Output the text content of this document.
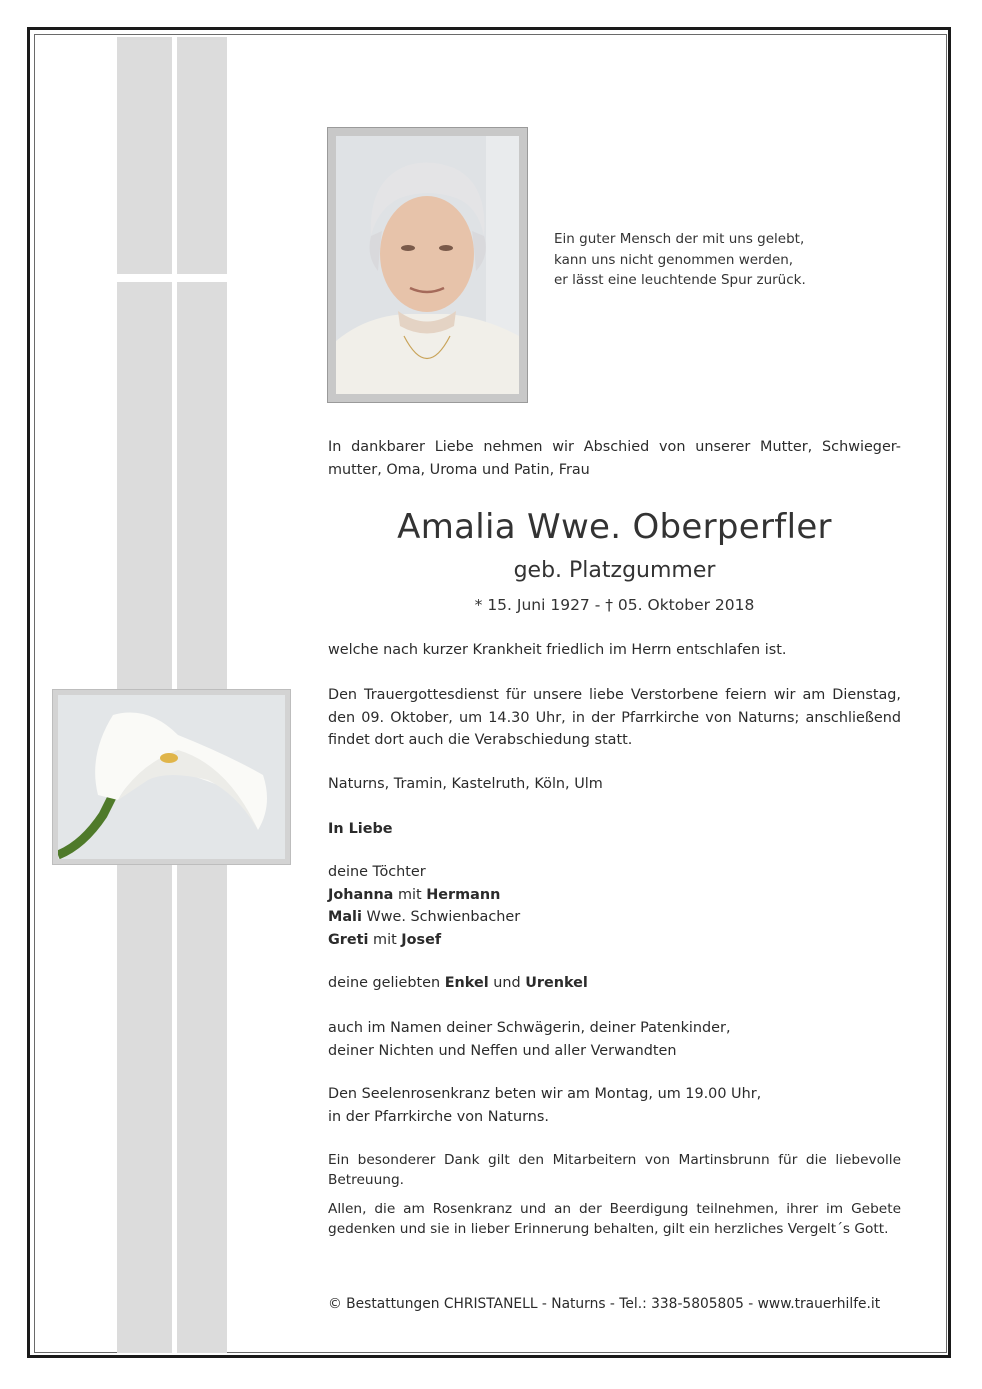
Ein guter Mensch der mit uns gelebt,
kann uns nicht genommen werden,
er lässt eine leuchtende Spur zurück.
In dankbarer Liebe nehmen wir Abschied von unserer Mutter, Schwieger-
mutter, Oma, Uroma und Patin, Frau
Amalia Wwe. Oberperfler
geb. Platzgummer
* 15. Juni 1927 - † 05. Oktober 2018
welche nach kurzer Krankheit friedlich im Herrn entschlafen ist.
Den Trauergottesdienst für unsere liebe Verstorbene feiern wir am Dienstag,
den 09. Oktober, um 14.30 Uhr, in der Pfarrkirche von Naturns; anschließend
findet dort auch die Verabschiedung statt.
Naturns, Tramin, Kastelruth, Köln, Ulm
In Liebe
deine Töchter
Johanna mit Hermann
Mali Wwe. Schwienbacher
Greti mit Josef
deine geliebten Enkel und Urenkel
auch im Namen deiner Schwägerin, deiner Patenkinder,
deiner Nichten und Neffen und aller Verwandten
Den Seelenrosenkranz beten wir am Montag, um 19.00 Uhr,
in der Pfarrkirche von Naturns.
Ein besonderer Dank gilt den Mitarbeitern von Martinsbrunn für die liebevolle
Betreuung.
Allen, die am Rosenkranz und an der Beerdigung teilnehmen, ihrer im Gebete
gedenken und sie in lieber Erinnerung behalten, gilt ein herzliches Vergelt´s Gott.
© Bestattungen CHRISTANELL - Naturns - Tel.: 338-5805805 - www.trauerhilfe.it
